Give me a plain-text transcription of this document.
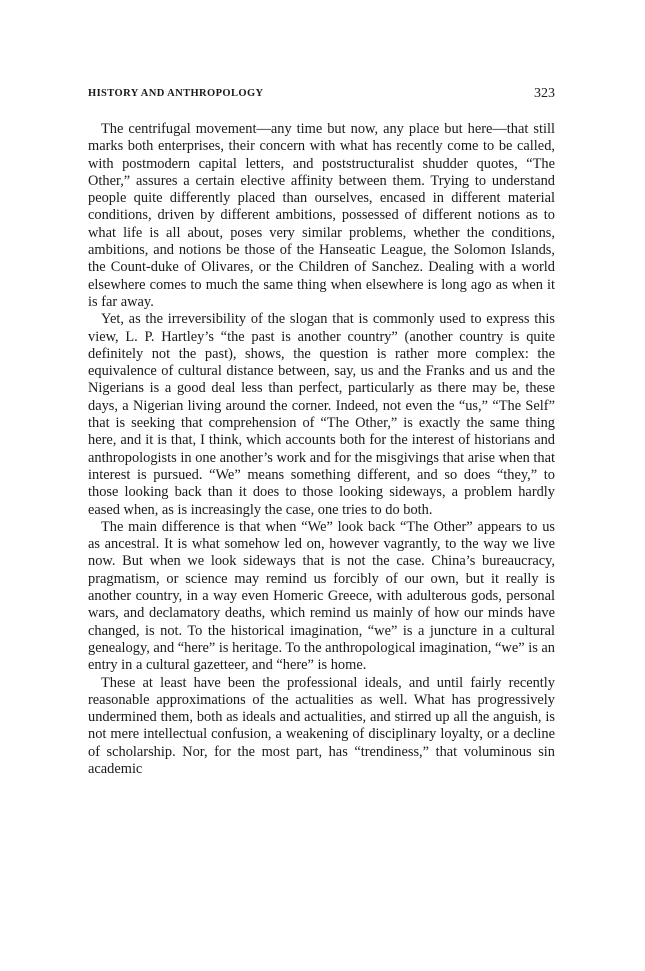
HISTORY AND ANTHROPOLOGY	323

The centrifugal movement—any time but now, any place but here—that still marks both enterprises, their concern with what has recently come to be called, with postmodern capital letters, and poststructuralist shudder quotes, “The Other,” assures a certain elective affinity between them. Trying to understand people quite differently placed than ourselves, encased in different material conditions, driven by different ambitions, possessed of different notions as to what life is all about, poses very similar problems, whether the conditions, ambitions, and notions be those of the Hanseatic League, the Solomon Islands, the Count-duke of Olivares, or the Children of Sanchez. Dealing with a world elsewhere comes to much the same thing when elsewhere is long ago as when it is far away.

Yet, as the irreversibility of the slogan that is commonly used to express this view, L. P. Hartley’s “the past is another country” (another country is quite definitely not the past), shows, the question is rather more complex: the equivalence of cultural distance between, say, us and the Franks and us and the Nigerians is a good deal less than perfect, particularly as there may be, these days, a Nigerian living around the corner. Indeed, not even the “us,” “The Self” that is seeking that comprehension of “The Other,” is exactly the same thing here, and it is that, I think, which accounts both for the interest of historians and anthropologists in one another’s work and for the misgivings that arise when that interest is pursued. “We” means something different, and so does “they,” to those looking back than it does to those looking sideways, a problem hardly eased when, as is increasingly the case, one tries to do both.

The main difference is that when “We” look back “The Other” appears to us as ancestral. It is what somehow led on, however vagrantly, to the way we live now. But when we look sideways that is not the case. China’s bureaucracy, pragmatism, or science may remind us forcibly of our own, but it really is another country, in a way even Homeric Greece, with adulterous gods, personal wars, and declamatory deaths, which remind us mainly of how our minds have changed, is not. To the historical imagination, “we” is a juncture in a cultural genealogy, and “here” is heritage. To the anthropological imagination, “we” is an entry in a cultural gazetteer, and “here” is home.

These at least have been the professional ideals, and until fairly recently reasonable approximations of the actualities as well. What has progressively undermined them, both as ideals and actualities, and stirred up all the anguish, is not mere intellectual confusion, a weakening of disciplinary loyalty, or a decline of scholarship. Nor, for the most part, has “trendiness,” that voluminous sin academic
